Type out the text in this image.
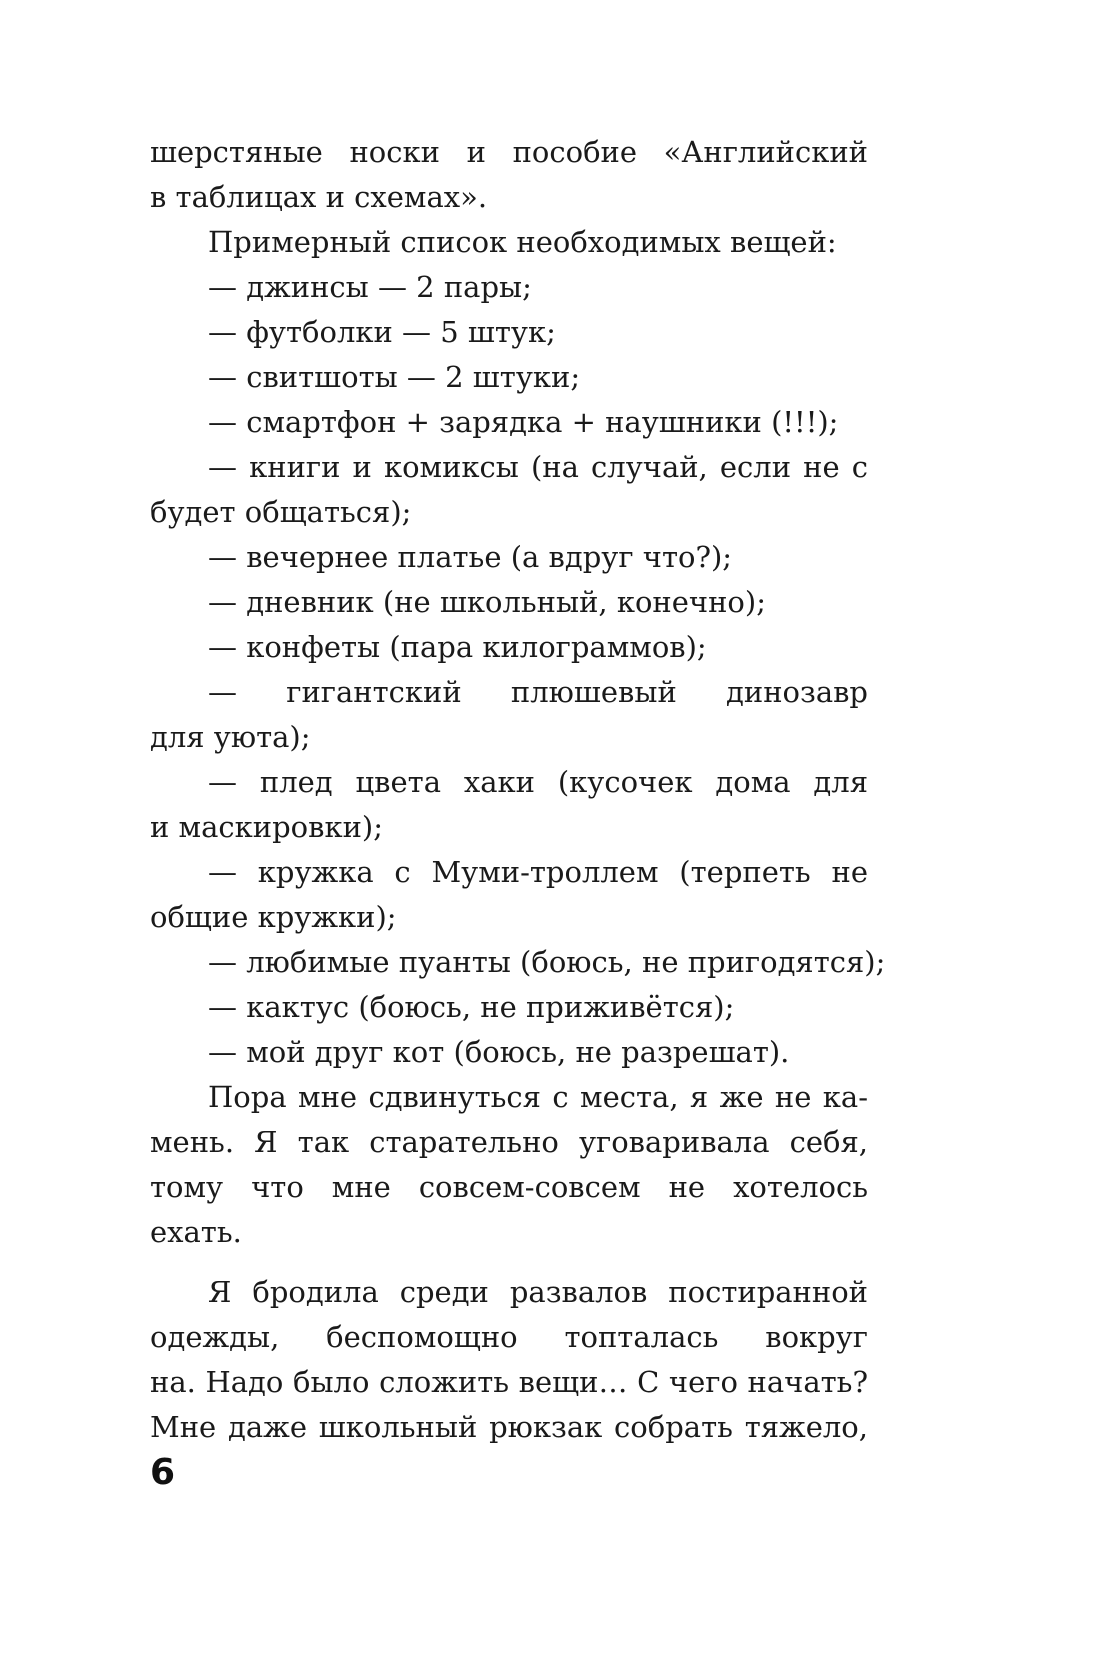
шерстяные носки и пособие «Английский
в таблицах и схемах».
Примерный список необходимых вещей:
— джинсы — 2 пары;
— футболки — 5 штук;
— свитшоты — 2 штуки;
— смартфон + зарядка + наушники (!!!);
— книги и комиксы (на случай, если не с
будет общаться);
— вечернее платье (а вдруг что?);
— дневник (не школьный, конечно);
— конфеты (пара килограммов);
— гигантский плюшевый динозавр
для уюта);
— плед цвета хаки (кусочек дома для
и маскировки);
— кружка с Муми-троллем (терпеть не
общие кружки);
— любимые пуанты (боюсь, не пригодятся);
— кактус (боюсь, не приживётся);
— мой друг кот (боюсь, не разрешат).
Пора мне сдвинуться с места, я же не ка-
мень. Я так старательно уговаривала себя,
тому что мне совсем-совсем не хотелось
ехать.
Я бродила среди развалов постиранной
одежды, беспомощно топталась вокруг
на. Надо было сложить вещи… С чего начать?
Мне даже школьный рюкзак собрать тяжело,
6
